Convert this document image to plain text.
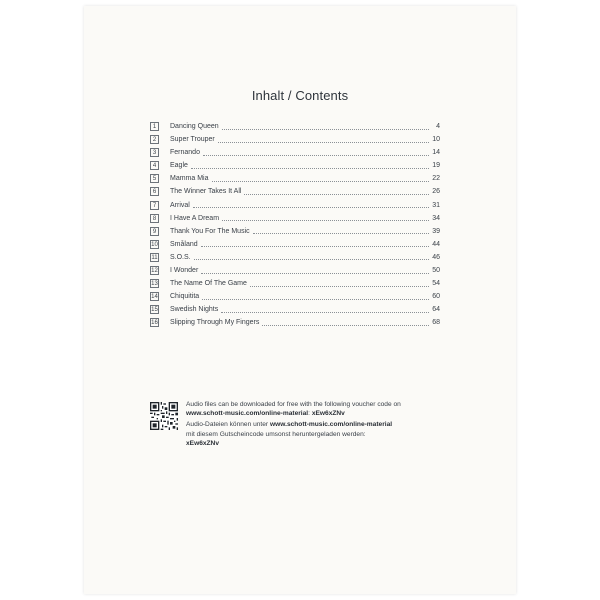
Inhalt / Contents
1	Dancing Queen	4
2	Super Trouper	10
3	Fernando	14
4	Eagle	19
5	Mamma Mia	22
6	The Winner Takes It All	26
7	Arrival	31
8	I Have A Dream	34
9	Thank You For The Music	39
10 Småland	44
11 S.O.S.	46
12 I Wonder	50
13 The Name Of The Game	54
14 Chiquitita	60
15 Swedish Nights	64
16 Slipping Through My Fingers	68
Audio files can be downloaded for free with the following voucher code on
www.schott-music.com/online-material: xEw6xZNv
Audio-Dateien können unter www.schott-music.com/online-material
mit diesem Gutscheincode umsonst heruntergeladen werden:
xEw6xZNv
